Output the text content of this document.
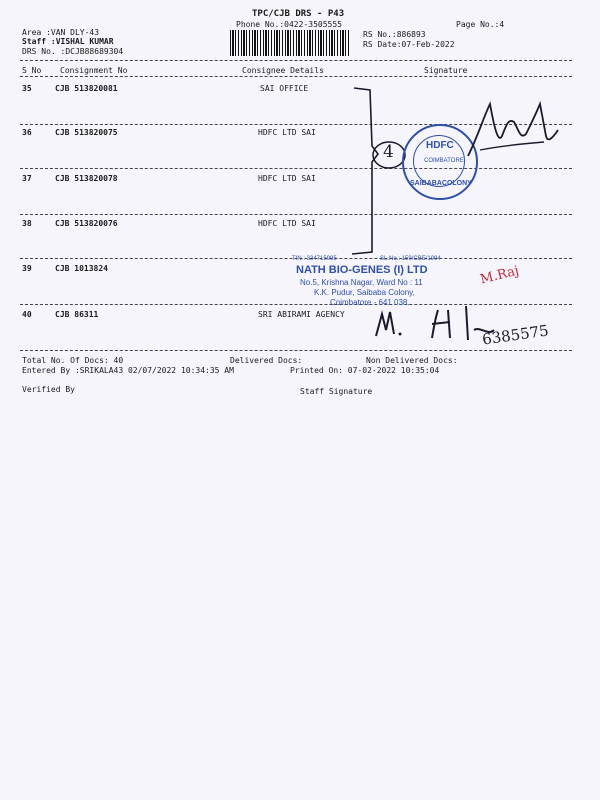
TPC/CJB DRS - P43
Phone No.:0422-3505555	Page No.:4
Area :VAN DLY-43
Staff :VISHAL KUMAR
DRS No. :DCJB88689304
RS No.:886893
RS Date:07-Feb-2022
S No Consignment No	Consignee Details	Signature
35	CJB 513820081	SAI OFFICE
36	CJB 513820075	HDFC LTD SAI
37	CJB 513820078	HDFC LTD SAI
38	CJB 513820076	HDFC LTD SAI
39	CJB 1013824
40	CJB 86311	SRI ABIRAMI AGENCY
Total No. Of Docs: 40	Delivered Docs:	Non Delivered Docs:
Entered By :SRIKALA43 02/07/2022 10:34:35 AM	Printed On: 07-02-2022 10:35:04
Verified By	Staff Signature
4	HDFC
COIMBATORE
SAIBABACOLONY
TIN : 334715995	SL.No.: 159/CBE/1994
NATH BIO-GENES (I) LTD
No.5, Krishna Nagar, Ward No : 11
K.K. Pudur, Saibaba Colony,
Coimbatore - 641 038.
M.Raj
6385575
